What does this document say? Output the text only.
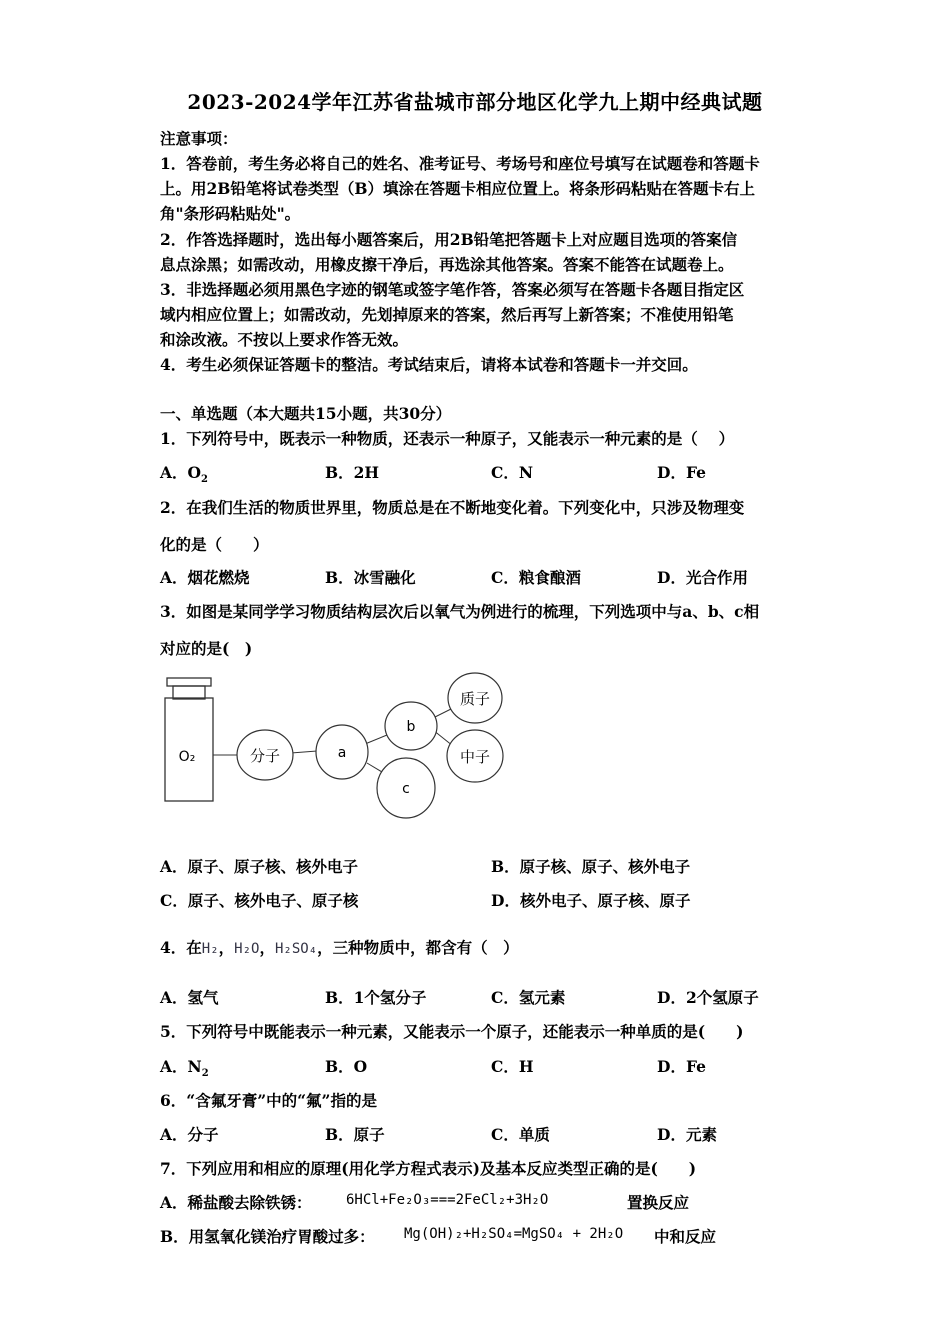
2023-2024学年江苏省盐城市部分地区化学九上期中经典试题
注意事项：
1．答卷前，考生务必将自己的姓名、准考证号、考场号和座位号填写在试题卷和答题卡
上。用2B铅笔将试卷类型（B）填涂在答题卡相应位置上。将条形码粘贴在答题卡右上
角"条形码粘贴处"。
2．作答选择题时，选出每小题答案后，用2B铅笔把答题卡上对应题目选项的答案信
息点涂黑；如需改动，用橡皮擦干净后，再选涂其他答案。答案不能答在试题卷上。
3．非选择题必须用黑色字迹的钢笔或签字笔作答，答案必须写在答题卡各题目指定区
域内相应位置上；如需改动，先划掉原来的答案，然后再写上新答案；不准使用铅笔
和涂改液。不按以上要求作答无效。
4．考生必须保证答题卡的整洁。考试结束后，请将本试卷和答题卡一并交回。
一、单选题（本大题共15小题，共30分）
1．下列符号中，既表示一种物质，还表示一种原子，又能表示一种元素的是（　 ）
A．$O_2$	B．2H	C．N	D．Fe
2．在我们生活的物质世界里，物质总是在不断地变化着。下列变化中，只涉及物理变
化的是（　　）
A．烟花燃烧	B．冰雪融化	C．粮食酿酒	D．光合作用
3．如图是某同学学习物质结构层次后以氧气为例进行的梳理，下列选项中与a、b、c相
对应的是(　)
O₂	分子	a
b
c
质子
中子
A．原子、原子核、核外电子	B．原子核、原子、核外电子
C．原子、核外电子、原子核	D．核外电子、原子核、原子
4．在H₂，H₂O，H₂SO₄，三种物质中，都含有（　）
A．氢气	B．1个氢分子	C．氢元素	D．2个氢原子
5．下列符号中既能表示一种元素，又能表示一个原子，还能表示一种单质的是(　　)
A．$N_2$	B．O	C．H	D．Fe
6．“含氟牙膏”中的“氟”指的是
A．分子	B．原子	C．单质	D．元素
7．下列应用和相应的原理(用化学方程式表示)及基本反应类型正确的是(　　)
A．稀盐酸去除铁锈： 6HCl+Fe₂O₃===2FeCl₂+3H₂O	置换反应
B．用氢氧化镁治疗胃酸过多： Mg(OH)₂+H₂SO₄=MgSO₄ + 2H₂O 中和反应
